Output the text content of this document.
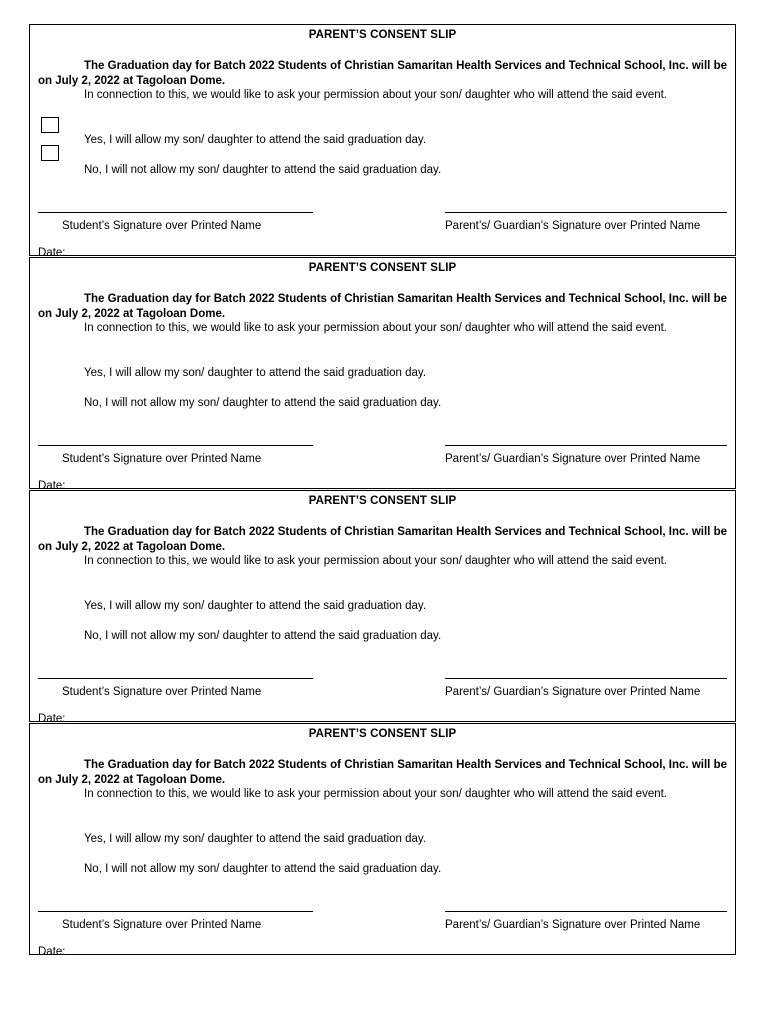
PARENT’S CONSENT SLIP
The Graduation day for Batch 2022 Students of Christian Samaritan Health Services and Technical School, Inc. will be on July 2, 2022 at Tagoloan Dome.
In connection to this, we would like to ask your permission about your son/ daughter who will attend the said event.
Yes, I will allow my son/ daughter to attend the said graduation day.
No, I will not allow my son/ daughter to attend the said graduation day.
Student’s Signature over Printed Name	Parent’s/ Guardian’s Signature over Printed Name
Date:
PARENT’S CONSENT SLIP
The Graduation day for Batch 2022 Students of Christian Samaritan Health Services and Technical School, Inc. will be on July 2, 2022 at Tagoloan Dome.
In connection to this, we would like to ask your permission about your son/ daughter who will attend the said event.
Yes, I will allow my son/ daughter to attend the said graduation day.
No, I will not allow my son/ daughter to attend the said graduation day.
Student’s Signature over Printed Name	Parent’s/ Guardian’s Signature over Printed Name
Date:
PARENT’S CONSENT SLIP
The Graduation day for Batch 2022 Students of Christian Samaritan Health Services and Technical School, Inc. will be on July 2, 2022 at Tagoloan Dome.
In connection to this, we would like to ask your permission about your son/ daughter who will attend the said event.
Yes, I will allow my son/ daughter to attend the said graduation day.
No, I will not allow my son/ daughter to attend the said graduation day.
Student’s Signature over Printed Name	Parent’s/ Guardian’s Signature over Printed Name
Date:
PARENT’S CONSENT SLIP
The Graduation day for Batch 2022 Students of Christian Samaritan Health Services and Technical School, Inc. will be on July 2, 2022 at Tagoloan Dome.
In connection to this, we would like to ask your permission about your son/ daughter who will attend the said event.
Yes, I will allow my son/ daughter to attend the said graduation day.
No, I will not allow my son/ daughter to attend the said graduation day.
Student’s Signature over Printed Name	Parent’s/ Guardian’s Signature over Printed Name
Date:
